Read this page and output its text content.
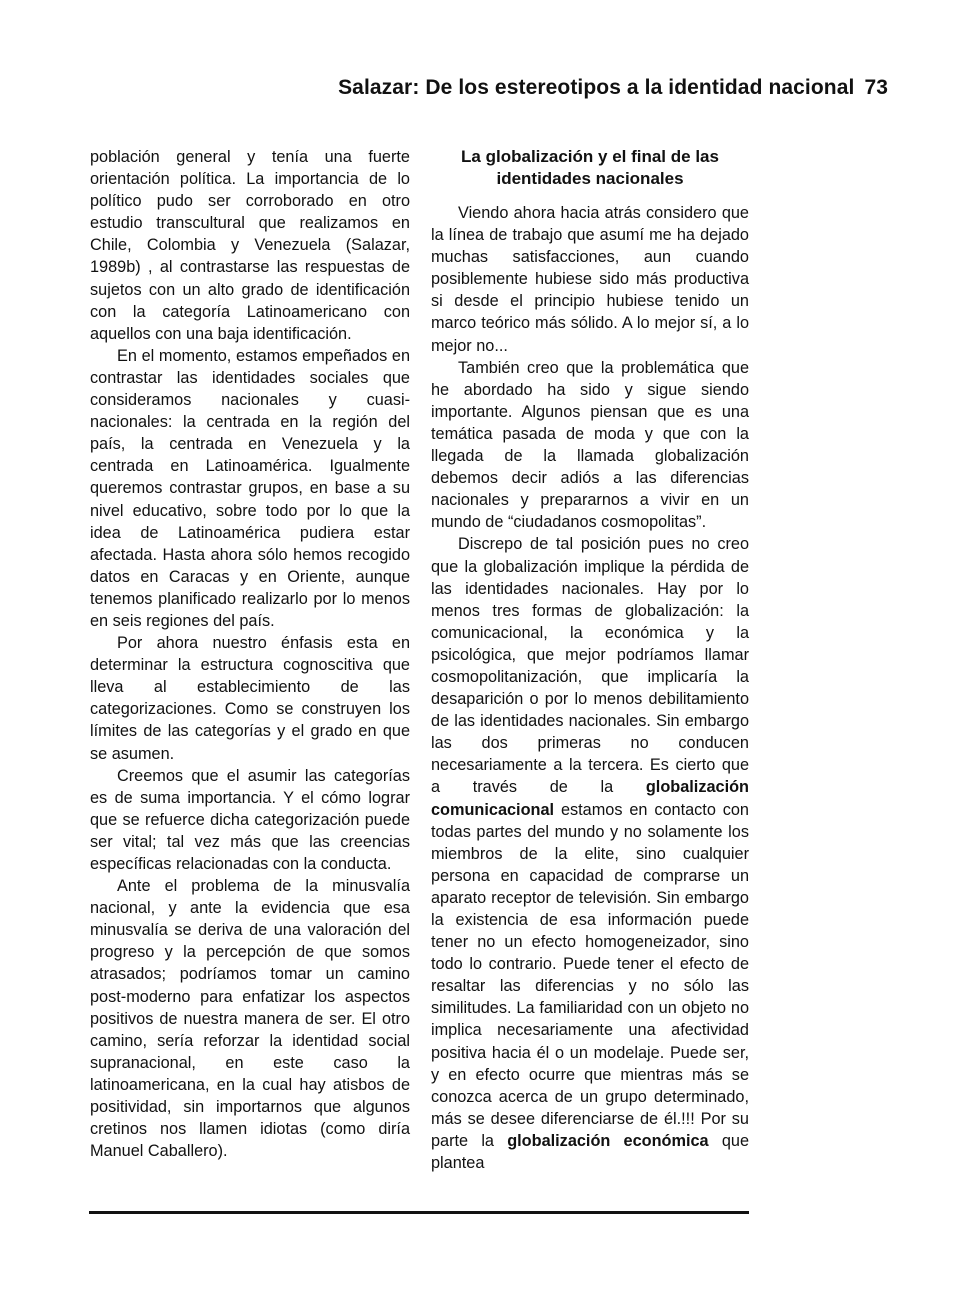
Salazar: De los estereotipos a la identidad nacional 73

población general y tenía una fuerte orientación política. La importancia de lo político pudo ser corroborado en otro estudio transcultural que realizamos en Chile, Colombia y Venezuela (Salazar, 1989b) , al contrastarse las respuestas de sujetos con un alto grado de identificación con la categoría Latinoamericano con aquellos con una baja identificación.

En el momento, estamos empeñados en contrastar las identidades sociales que consideramos nacionales y cuasi-nacionales: la centrada en la región del país, la centrada en Venezuela y la centrada en Latinoamérica. Igualmente queremos contrastar grupos, en base a su nivel educativo, sobre todo por lo que la idea de Latinoamérica pudiera estar afectada. Hasta ahora sólo hemos recogido datos en Caracas y en Oriente, aunque tenemos planificado realizarlo por lo menos en seis regiones del país.

Por ahora nuestro énfasis esta en determinar la estructura cognoscitiva que lleva al establecimiento de las categorizaciones. Como se construyen los límites de las categorías y el grado en que se asumen.

Creemos que el asumir las categorías es de suma importancia. Y el cómo lograr que se refuerce dicha categorización puede ser vital; tal vez más que las creencias específicas relacionadas con la conducta.

Ante el problema de la minusvalía nacional, y ante la evidencia que esa minusvalía se deriva de una valoración del progreso y la percepción de que somos atrasados; podríamos tomar un camino post-moderno para enfatizar los aspectos positivos de nuestra manera de ser. El otro camino, sería reforzar la identidad social supranacional, en este caso la latinoamericana, en la cual hay atisbos de positividad, sin importarnos que algunos cretinos nos llamen idiotas (como diría Manuel Caballero).

La globalización y el final de las identidades nacionales

Viendo ahora hacia atrás considero que la línea de trabajo que asumí me ha dejado muchas satisfacciones, aun cuando posiblemente hubiese sido más productiva si desde el principio hubiese tenido un marco teórico más sólido. A lo mejor sí, a lo mejor no...

También creo que la problemática que he abordado ha sido y sigue siendo importante. Algunos piensan que es una temática pasada de moda y que con la llegada de la llamada globalización debemos decir adiós a las diferencias nacionales y prepararnos a vivir en un mundo de “ciudadanos cosmopolitas”.

Discrepo de tal posición pues no creo que la globalización implique la pérdida de las identidades nacionales. Hay por lo menos tres formas de globalización: la comunicacional, la económica y la psicológica, que mejor podríamos llamar cosmopolitanización, que implicaría la desaparición o por lo menos debilitamiento de las identidades nacionales. Sin embargo las dos primeras no conducen necesariamente a la tercera. Es cierto que a través de la globalización comunicacional estamos en contacto con todas partes del mundo y no solamente los miembros de la elite, sino cualquier persona en capacidad de comprarse un aparato receptor de televisión. Sin embargo la existencia de esa información puede tener no un efecto homogeneizador, sino todo lo contrario. Puede tener el efecto de resaltar las diferencias y no sólo las similitudes. La familiaridad con un objeto no implica necesariamente una afectividad positiva hacia él o un modelaje. Puede ser, y en efecto ocurre que mientras más se conozca acerca de un grupo determinado, más se desee diferenciarse de él.!!! Por su parte la globalización económica que plantea
